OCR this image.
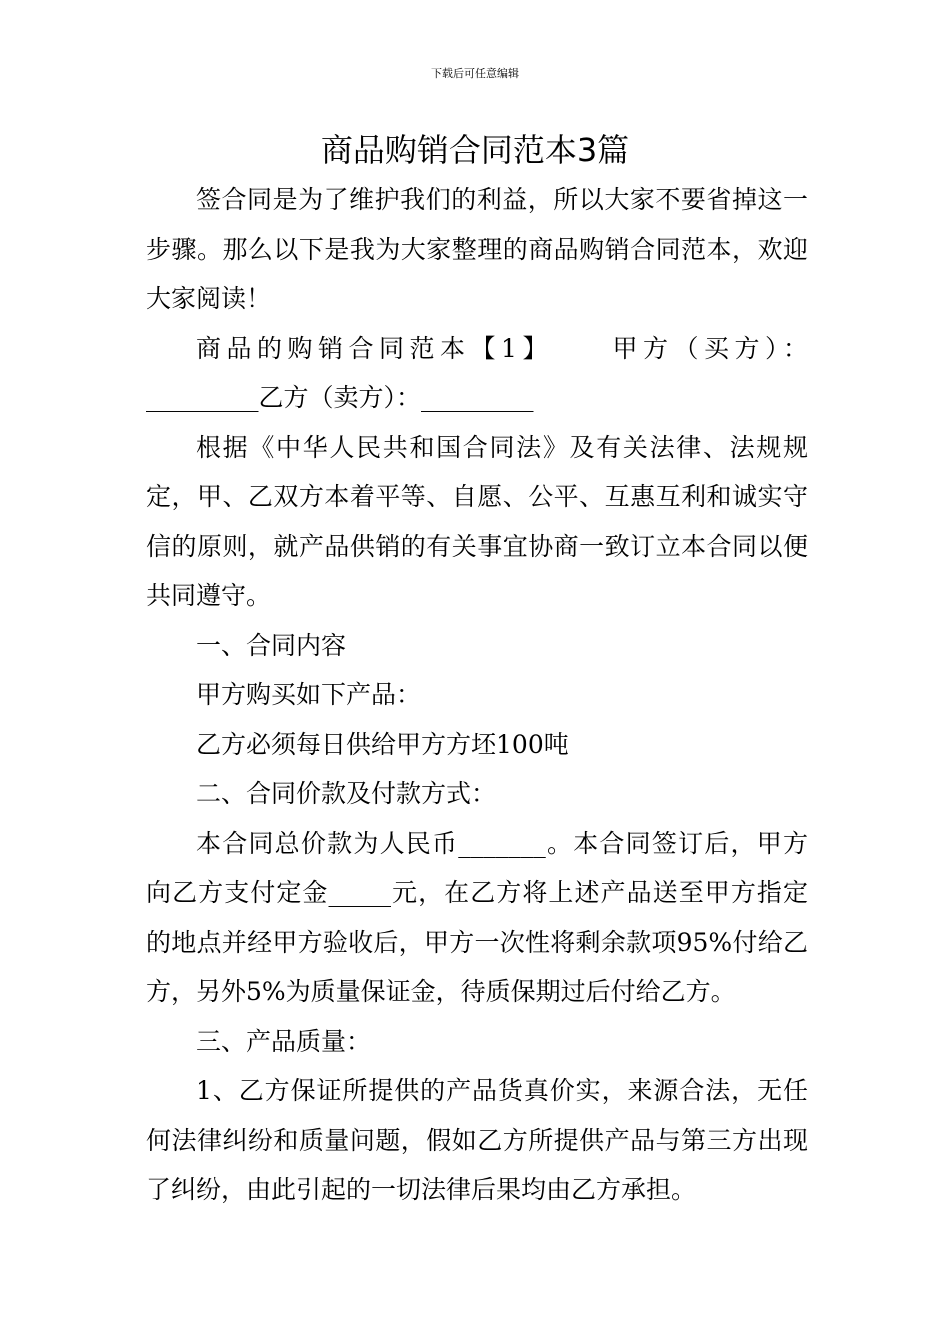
下载后可任意编辑
商品购销合同范本3篇

签合同是为了维护我们的利益，所以大家不要省掉这一步骤。那么以下是我为大家整理的商品购销合同范本，欢迎大家阅读！

商品的购销合同范本【1】 甲方（买方）：_________乙方（卖方）：_________

根据《中华人民共和国合同法》及有关法律、法规规定，甲、乙双方本着平等、自愿、公平、互惠互利和诚实守信的原则，就产品供销的有关事宜协商一致订立本合同以便共同遵守。

一、合同内容

甲方购买如下产品：

乙方必须每日供给甲方方坯100吨

二、合同价款及付款方式：

本合同总价款为人民币_______。本合同签订后，甲方向乙方支付定金_____元，在乙方将上述产品送至甲方指定的地点并经甲方验收后，甲方一次性将剩余款项95%付给乙方，另外5%为质量保证金，待质保期过后付给乙方。

三、产品质量：

1、乙方保证所提供的产品货真价实，来源合法，无任何法律纠纷和质量问题，假如乙方所提供产品与第三方出现了纠纷，由此引起的一切法律后果均由乙方承担。
